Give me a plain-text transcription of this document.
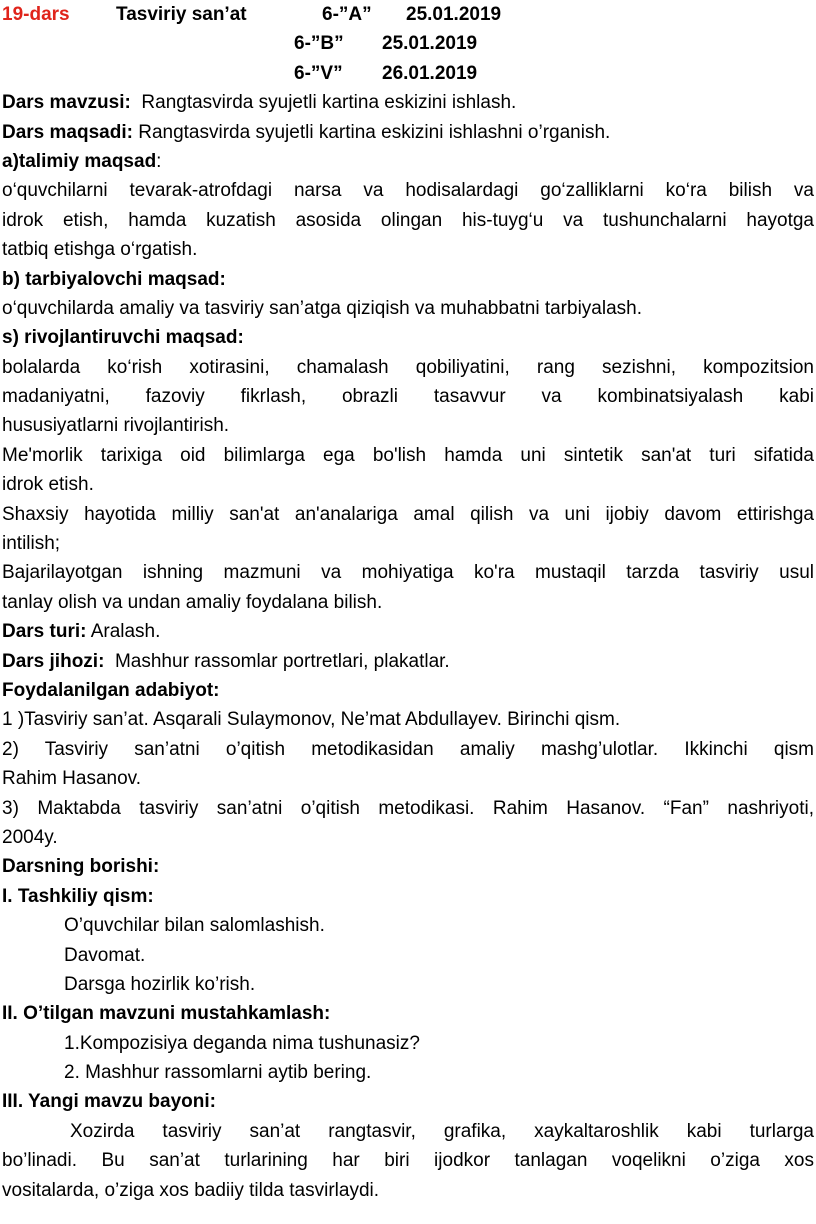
19-dars Tasviriy san’at	6-”A” 25.01.2019
6-”B” 25.01.2019
6-”V” 26.01.2019
Dars mavzusi: Rangtasvirda syujetli kartina eskizini ishlash.
Dars maqsadi: Rangtasvirda syujetli kartina eskizini ishlashni o’rganish.
a)talimiy maqsad:
o‘quvchilarni tevarak-atrofdagi narsa va hodisalardagi go‘zalliklarni ko‘ra bilish va
idrok etish, hamda kuzatish asosida olingan his-tuyg‘u va tushunchalarni hayotga
tatbiq etishga o‘rgatish.
b) tarbiyalovchi maqsad:
o‘quvchilarda amaliy va tasviriy san’atga qiziqish va muhabbatni tarbiyalash.
s) rivojlantiruvchi maqsad:
bolalarda ko‘rish xotirasini, chamalash qobiliyatini, rang sezishni, kompozitsion
madaniyatni, fazoviy fikrlash, obrazli tasavvur va kombinatsiyalash kabi
hususiyatlarni rivojlantirish.
Me'morlik tarixiga oid bilimlarga ega bo'lish hamda uni sintetik san'at turi sifatida
idrok etish.
Shaxsiy hayotida milliy san'at an'analariga amal qilish va uni ijobiy davom ettirishga
intilish;
Bajarilayotgan ishning mazmuni va mohiyatiga ko'ra mustaqil tarzda tasviriy usul
tanlay olish va undan amaliy foydalana bilish.
Dars turi: Aralash.
Dars jihozi: Mashhur rassomlar portretlari, plakatlar.
Foydalanilgan adabiyot:
1 )Tasviriy san’at. Asqarali Sulaymonov, Ne’mat Abdullayev. Birinchi qism.
2) Tasviriy san’atni o’qitish metodikasidan amaliy mashg’ulotlar. Ikkinchi qism
Rahim Hasanov.
3) Maktabda tasviriy san’atni o’qitish metodikasi. Rahim Hasanov. “Fan” nashriyoti,
2004y.
Darsning borishi:
I. Tashkiliy qism:
O’quvchilar bilan salomlashish.
Davomat.
Darsga hozirlik ko’rish.
II. O’tilgan mavzuni mustahkamlash:
1.Kompozisiya deganda nima tushunasiz?
2. Mashhur rassomlarni aytib bering.
III. Yangi mavzu bayoni:
Xozirda tasviriy san’at rangtasvir, grafika, xaykaltaroshlik kabi turlarga
bo’linadi. Bu san’at turlarining har biri ijodkor tanlagan voqelikni o’ziga xos
vositalarda, o’ziga xos badiiy tilda tasvirlaydi.
